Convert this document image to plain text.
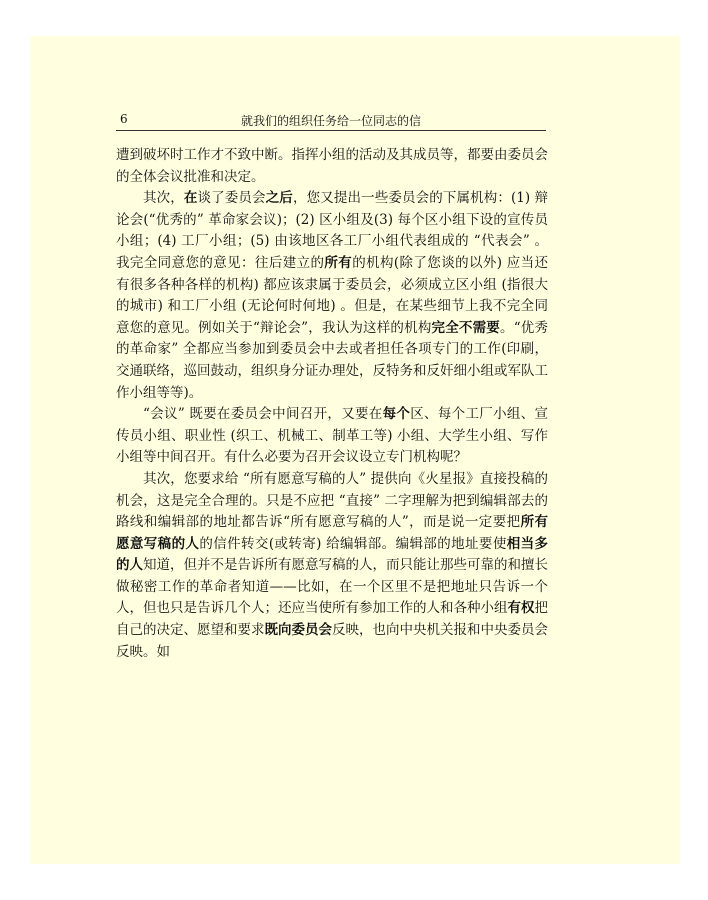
6	就我们的组织任务给一位同志的信

遭到破坏时工作才不致中断。指挥小组的活动及其成员等，都要由委员会的全体会议批准和决定。

其次，在谈了委员会之后，您又提出一些委员会的下属机构：(1) 辩论会(“优秀的” 革命家会议)；(2) 区小组及(3) 每个区小组下设的宣传员小组；(4) 工厂小组；(5) 由该地区各工厂小组代表组成的 “代表会” 。我完全同意您的意见：往后建立的所有的机构(除了您谈的以外) 应当还有很多各种各样的机构) 都应该隶属于委员会，必须成立区小组 (指很大的城市) 和工厂小组 (无论何时何地) 。但是，在某些细节上我不完全同意您的意见。例如关于“辩论会”，我认为这样的机构完全不需要。“优秀的革命家” 全都应当参加到委员会中去或者担任各项专门的工作(印刷，交通联络，巡回鼓动，组织身分证办理处，反特务和反奸细小组或军队工作小组等等)。

“会议” 既要在委员会中间召开，又要在每个区、每个工厂小组、宣传员小组、职业性 (织工、机械工、制革工等) 小组、大学生小组、写作小组等中间召开。有什么必要为召开会议设立专门机构呢？

其次，您要求给 “所有愿意写稿的人” 提供向《火星报》直接投稿的机会，这是完全合理的。只是不应把 “直接” 二字理解为把到编辑部去的路线和编辑部的地址都告诉“所有愿意写稿的人”，而是说一定要把所有愿意写稿的人的信件转交(或转寄) 给编辑部。编辑部的地址要使相当多的人知道，但并不是告诉所有愿意写稿的人，而只能让那些可靠的和擅长做秘密工作的革命者知道——比如，在一个区里不是把地址只告诉一个人，但也只是告诉几个人；还应当使所有参加工作的人和各种小组有权把自己的决定、愿望和要求既向委员会反映，也向中央机关报和中央委员会反映。如
